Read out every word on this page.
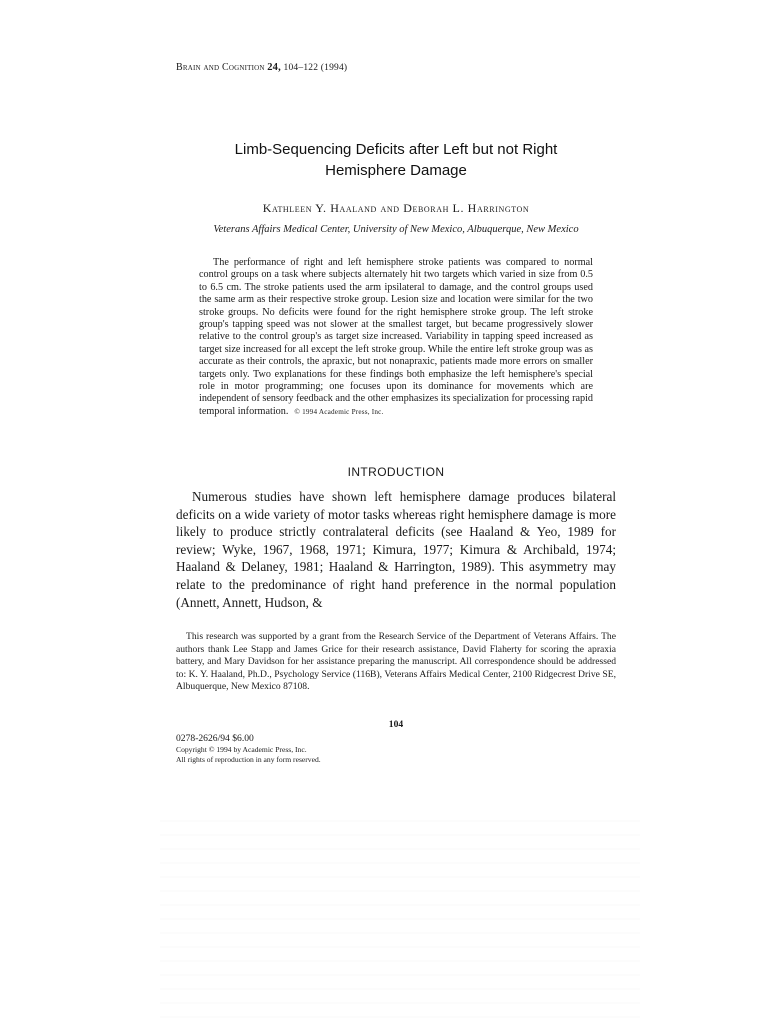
Brain and Cognition 24, 104–122 (1994)
Limb-Sequencing Deficits after Left but not Right
Hemisphere Damage
Kathleen Y. Haaland and Deborah L. Harrington
Veterans Affairs Medical Center, University of New Mexico, Albuquerque, New Mexico

The performance of right and left hemisphere stroke patients was compared to normal control groups on a task where subjects alternately hit two targets which varied in size from 0.5 to 6.5 cm. The stroke patients used the arm ipsilateral to damage, and the control groups used the same arm as their respective stroke group. Lesion size and location were similar for the two stroke groups. No deficits were found for the right hemisphere stroke group. The left stroke group's tapping speed was not slower at the smallest target, but became progressively slower relative to the control group's as target size increased. Variability in tapping speed increased as target size increased for all except the left stroke group. While the entire left stroke group was as accurate as their controls, the apraxic, but not nonapraxic, patients made more errors on smaller targets only. Two explanations for these findings both emphasize the left hemisphere's special role in motor programming; one focuses upon its dominance for movements which are independent of sensory feedback and the other emphasizes its specialization for processing rapid temporal information. © 1994 Academic Press, Inc.

INTRODUCTION

Numerous studies have shown left hemisphere damage produces bilateral deficits on a wide variety of motor tasks whereas right hemisphere damage is more likely to produce strictly contralateral deficits (see Haaland & Yeo, 1989 for review; Wyke, 1967, 1968, 1971; Kimura, 1977; Kimura & Archibald, 1974; Haaland & Delaney, 1981; Haaland & Harrington, 1989). This asymmetry may relate to the predominance of right hand preference in the normal population (Annett, Annett, Hudson, &

This research was supported by a grant from the Research Service of the Department of Veterans Affairs. The authors thank Lee Stapp and James Grice for their research assistance, David Flaherty for scoring the apraxia battery, and Mary Davidson for her assistance preparing the manuscript. All correspondence should be addressed to: K. Y. Haaland, Ph.D., Psychology Service (116B), Veterans Affairs Medical Center, 2100 Ridgecrest Drive SE, Albuquerque, New Mexico 87108.

104
0278-2626/94 $6.00
Copyright © 1994 by Academic Press, Inc.
All rights of reproduction in any form reserved.
